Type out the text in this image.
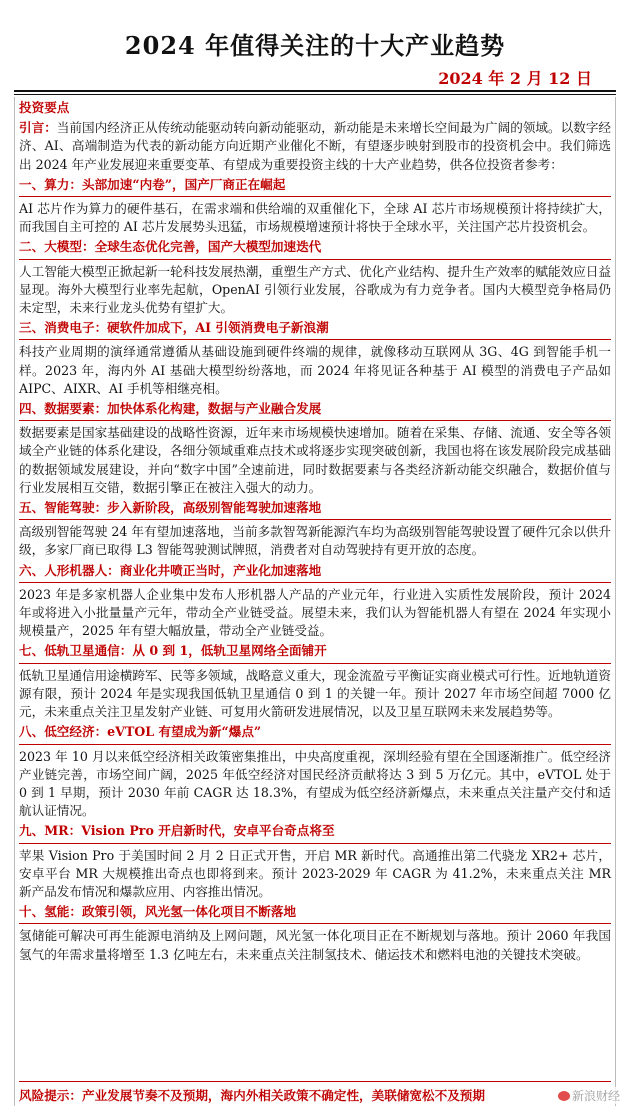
2024 年值得关注的十大产业趋势
2024 年 2 月 12 日
投资要点
引言：当前国内经济正从传统动能驱动转向新动能驱动，新动能是未来增长空间最为广阔的领域。以数字经济、AI、高端制造为代表的新动能方向近期产业催化不断，有望逐步映射到股市的投资机会中。我们筛选出 2024 年产业发展迎来重要变革、有望成为重要投资主线的十大产业趋势，供各位投资者参考：
一、算力：头部加速“内卷”，国产厂商正在崛起
AI 芯片作为算力的硬件基石，在需求端和供给端的双重催化下，全球 AI 芯片市场规模预计将持续扩大，而我国自主可控的 AI 芯片发展势头迅猛，市场规模增速预计将快于全球水平，关注国产芯片投资机会。
二、大模型：全球生态优化完善，国产大模型加速迭代
人工智能大模型正掀起新一轮科技发展热潮，重塑生产方式、优化产业结构、提升生产效率的赋能效应日益显现。海外大模型行业率先起航，OpenAI 引领行业发展，谷歌成为有力竞争者。国内大模型竞争格局仍未定型，未来行业龙头优势有望扩大。
三、消费电子：硬软件加成下，AI 引领消费电子新浪潮
科技产业周期的演绎通常遵循从基础设施到硬件终端的规律，就像移动互联网从 3G、4G 到智能手机一样。2023 年，海内外 AI 基础大模型纷纷落地，而 2024 年将见证各种基于 AI 模型的消费电子产品如 AIPC、AIXR、AI 手机等相继亮相。
四、数据要素：加快体系化构建，数据与产业融合发展
数据要素是国家基础建设的战略性资源，近年来市场规模快速增加。随着在采集、存储、流通、安全等各领域全产业链的体系化建设，各细分领域重难点技术或将逐步实现突破创新，我国也将在该发展阶段完成基础的数据领域发展建设，并向“数字中国”全速前进，同时数据要素与各类经济新动能交织融合，数据价值与行业发展相互交错，数据引擎正在被注入强大的动力。
五、智能驾驶：步入新阶段，高级别智能驾驶加速落地
高级别智能驾驶 24 年有望加速落地，当前多款智驾新能源汽车均为高级别智能驾驶设置了硬件冗余以供升级，多家厂商已取得 L3 智能驾驶测试牌照，消费者对自动驾驶持有更开放的态度。
六、人形机器人：商业化井喷正当时，产业化加速落地
2023 年是多家机器人企业集中发布人形机器人产品的产业元年，行业进入实质性发展阶段，预计 2024 年或将进入小批量量产元年，带动全产业链受益。展望未来，我们认为智能机器人有望在 2024 年实现小规模量产，2025 年有望大幅放量，带动全产业链受益。
七、低轨卫星通信：从 0 到 1，低轨卫星网络全面铺开
低轨卫星通信用途横跨军、民等多领域，战略意义重大，现金流盈亏平衡证实商业模式可行性。近地轨道资源有限，预计 2024 年是实现我国低轨卫星通信 0 到 1 的关键一年。预计 2027 年市场空间超 7000 亿元，未来重点关注卫星发射产业链、可复用火箭研发进展情况，以及卫星互联网未来发展趋势等。
八、低空经济：eVTOL 有望成为新“爆点”
2023 年 10 月以来低空经济相关政策密集推出，中央高度重视，深圳经验有望在全国逐渐推广。低空经济产业链完善，市场空间广阔，2025 年低空经济对国民经济贡献将达 3 到 5 万亿元。其中，eVTOL 处于 0 到 1 早期，预计 2030 年前 CAGR 达 18.3%，有望成为低空经济新爆点，未来重点关注量产交付和适航认证情况。
九、MR：Vision Pro 开启新时代，安卓平台奇点将至
苹果 Vision Pro 于美国时间 2 月 2 日正式开售，开启 MR 新时代。高通推出第二代骁龙 XR2+ 芯片，安卓平台 MR 大规模推出奇点也即将到来。预计 2023-2029 年 CAGR 为 41.2%，未来重点关注 MR 新产品发布情况和爆款应用、内容推出情况。
十、氢能：政策引领，风光氢一体化项目不断落地
氢储能可解决可再生能源电消纳及上网问题，风光氢一体化项目正在不断规划与落地。预计 2060 年我国氢气的年需求量将增至 1.3 亿吨左右，未来重点关注制氢技术、储运技术和燃料电池的关键技术突破。
风险提示：产业发展节奏不及预期，海内外相关政策不确定性，美联储宽松不及预期	新浪财经
